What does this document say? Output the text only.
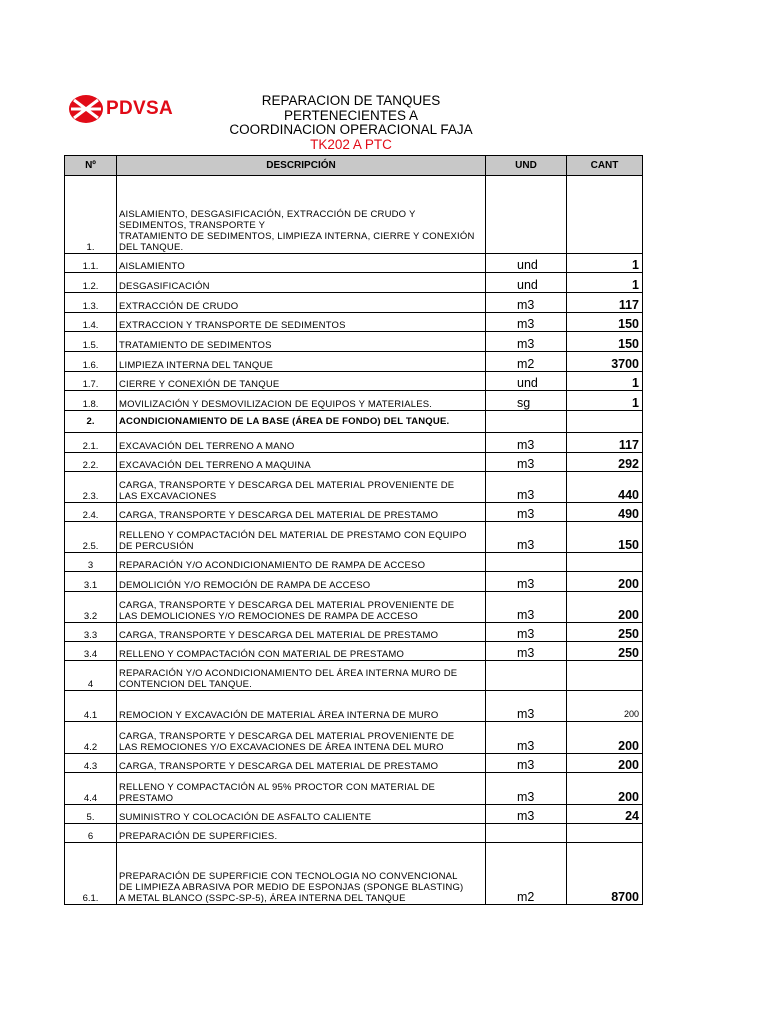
PDVSA	REPARACION DE TANQUES
PERTENECIENTES A
COORDINACION OPERACIONAL FAJA
TK202 A PTC
Nº	DESCRIPCIÓN	UND	CANT
1.	AISLAMIENTO, DESGASIFICACIÓN, EXTRACCIÓN DE CRUDO Y SEDIMENTOS, TRANSPORTE Y
TRATAMIENTO DE SEDIMENTOS, LIMPIEZA INTERNA, CIERRE Y CONEXIÓN DEL TANQUE.		
1.1.	AISLAMIENTO	und	1
1.2.	DESGASIFICACIÓN	und	1
1.3.	EXTRACCIÓN DE CRUDO	m3	117
1.4.	EXTRACCION Y TRANSPORTE DE SEDIMENTOS	m3	150
1.5.	TRATAMIENTO DE SEDIMENTOS	m3	150
1.6.	LIMPIEZA INTERNA DEL TANQUE	m2	3700
1.7.	CIERRE Y CONEXIÓN DE TANQUE	und	1
1.8.	MOVILIZACIÓN Y DESMOVILIZACION DE EQUIPOS Y MATERIALES.	sg	1
2.	ACONDICIONAMIENTO DE LA BASE (ÁREA DE FONDO) DEL TANQUE.		
2.1.	EXCAVACIÓN DEL TERRENO A MANO	m3	117
2.2.	EXCAVACIÓN DEL TERRENO A MAQUINA	m3	292
2.3.	CARGA, TRANSPORTE Y DESCARGA DEL MATERIAL PROVENIENTE DE
LAS EXCAVACIONES	m3	440
2.4.	CARGA, TRANSPORTE Y DESCARGA DEL MATERIAL DE PRESTAMO	m3	490
2.5.	RELLENO Y COMPACTACIÓN DEL MATERIAL DE PRESTAMO CON EQUIPO
DE PERCUSIÓN	m3	150
3	REPARACIÓN Y/O ACONDICIONAMIENTO DE RAMPA DE ACCESO		
3.1	DEMOLICIÓN Y/O REMOCIÓN DE RAMPA DE ACCESO	m3	200
3.2	CARGA, TRANSPORTE Y DESCARGA DEL MATERIAL PROVENIENTE DE
LAS DEMOLICIONES Y/O REMOCIONES DE RAMPA DE ACCESO	m3	200
3.3	CARGA, TRANSPORTE Y DESCARGA DEL MATERIAL DE PRESTAMO	m3	250
3.4	RELLENO Y COMPACTACIÓN CON MATERIAL DE PRESTAMO	m3	250
4	REPARACIÓN Y/O ACONDICIONAMIENTO DEL ÁREA INTERNA MURO DE CONTENCION DEL TANQUE.		
4.1	REMOCION Y EXCAVACIÓN DE MATERIAL ÁREA INTERNA DE MURO	m3	200
4.2	CARGA, TRANSPORTE Y DESCARGA DEL MATERIAL PROVENIENTE DE
LAS REMOCIONES Y/O EXCAVACIONES DE ÁREA INTENA DEL MURO	m3	200
4.3	CARGA, TRANSPORTE Y DESCARGA DEL MATERIAL DE PRESTAMO	m3	200
4.4	RELLENO Y COMPACTACIÓN AL 95% PROCTOR CON MATERIAL DE
PRESTAMO	m3	200
5.	SUMINISTRO Y COLOCACIÓN DE ASFALTO CALIENTE	m3	24
6	PREPARACIÓN DE SUPERFICIES.		
6.1.	PREPARACIÓN DE SUPERFICIE CON TECNOLOGIA NO CONVENCIONAL
DE LIMPIEZA ABRASIVA POR MEDIO DE ESPONJAS (SPONGE BLASTING)
A METAL BLANCO (SSPC-SP-5), ÁREA INTERNA DEL TANQUE	m2	8700
